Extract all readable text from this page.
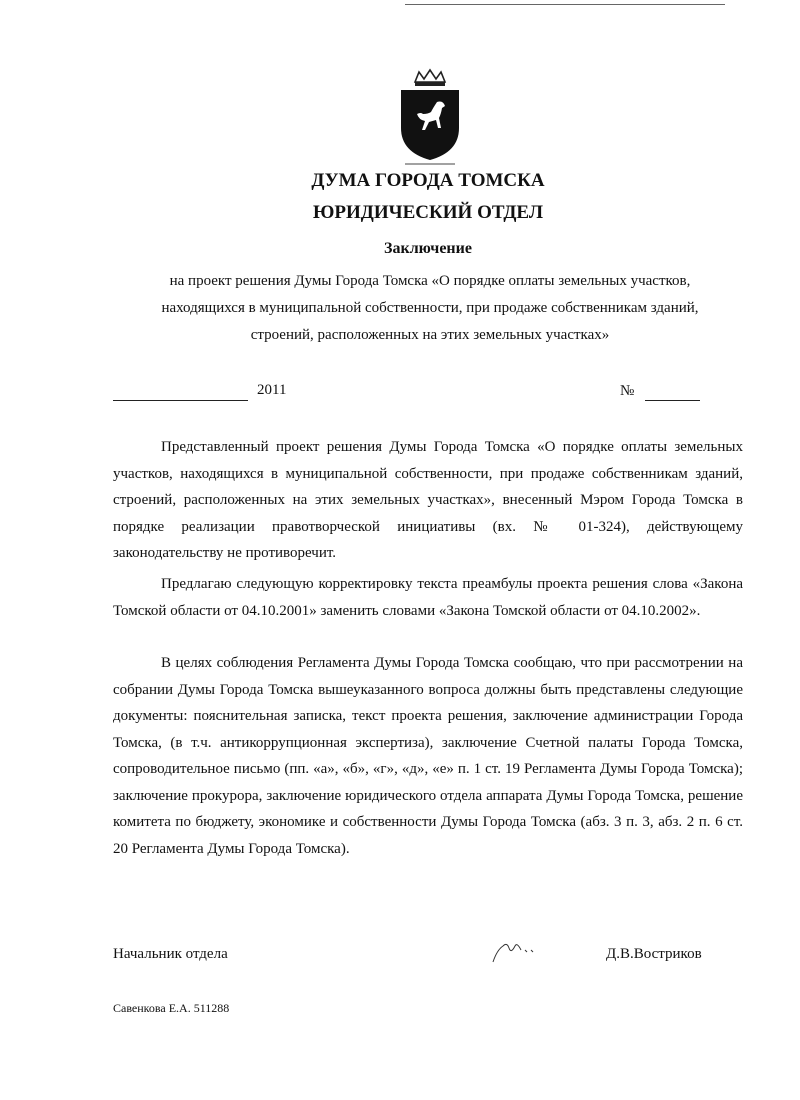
ДУМА ГОРОДА ТОМСКА
ЮРИДИЧЕСКИЙ ОТДЕЛ
Заключение
на проект решения Думы Города Томска «О порядке оплаты земельных участков, находящихся в муниципальной собственности, при продаже собственникам зданий, строений, расположенных на этих земельных участках»
2011	№

Представленный проект решения Думы Города Томска «О порядке оплаты земельных участков, находящихся в муниципальной собственности, при продаже собственникам зданий, строений, расположенных на этих земельных участках», внесенный Мэром Города Томска в порядке реализации правотворческой инициативы (вх. № 01-324), действующему законодательству не противоречит.

Предлагаю следующую корректировку текста преамбулы проекта решения слова «Закона Томской области от 04.10.2001» заменить словами «Закона Томской области от 04.10.2002».

В целях соблюдения Регламента Думы Города Томска сообщаю, что при рассмотрении на собрании Думы Города Томска вышеуказанного вопроса должны быть представлены следующие документы: пояснительная записка, текст проекта решения, заключение администрации Города Томска, (в т.ч. антикоррупционная экспертиза), заключение Счетной палаты Города Томска, сопроводительное письмо (пп. «а», «б», «г», «д», «е» п. 1 ст. 19 Регламента Думы Города Томска); заключение прокурора, заключение юридического отдела аппарата Думы Города Томска, решение комитета по бюджету, экономике и собственности Думы Города Томска (абз. 3 п. 3, абз. 2 п. 6 ст. 20 Регламента Думы Города Томска).

Начальник отдела	Д.В.Востриков
Савенкова Е.А. 511288
